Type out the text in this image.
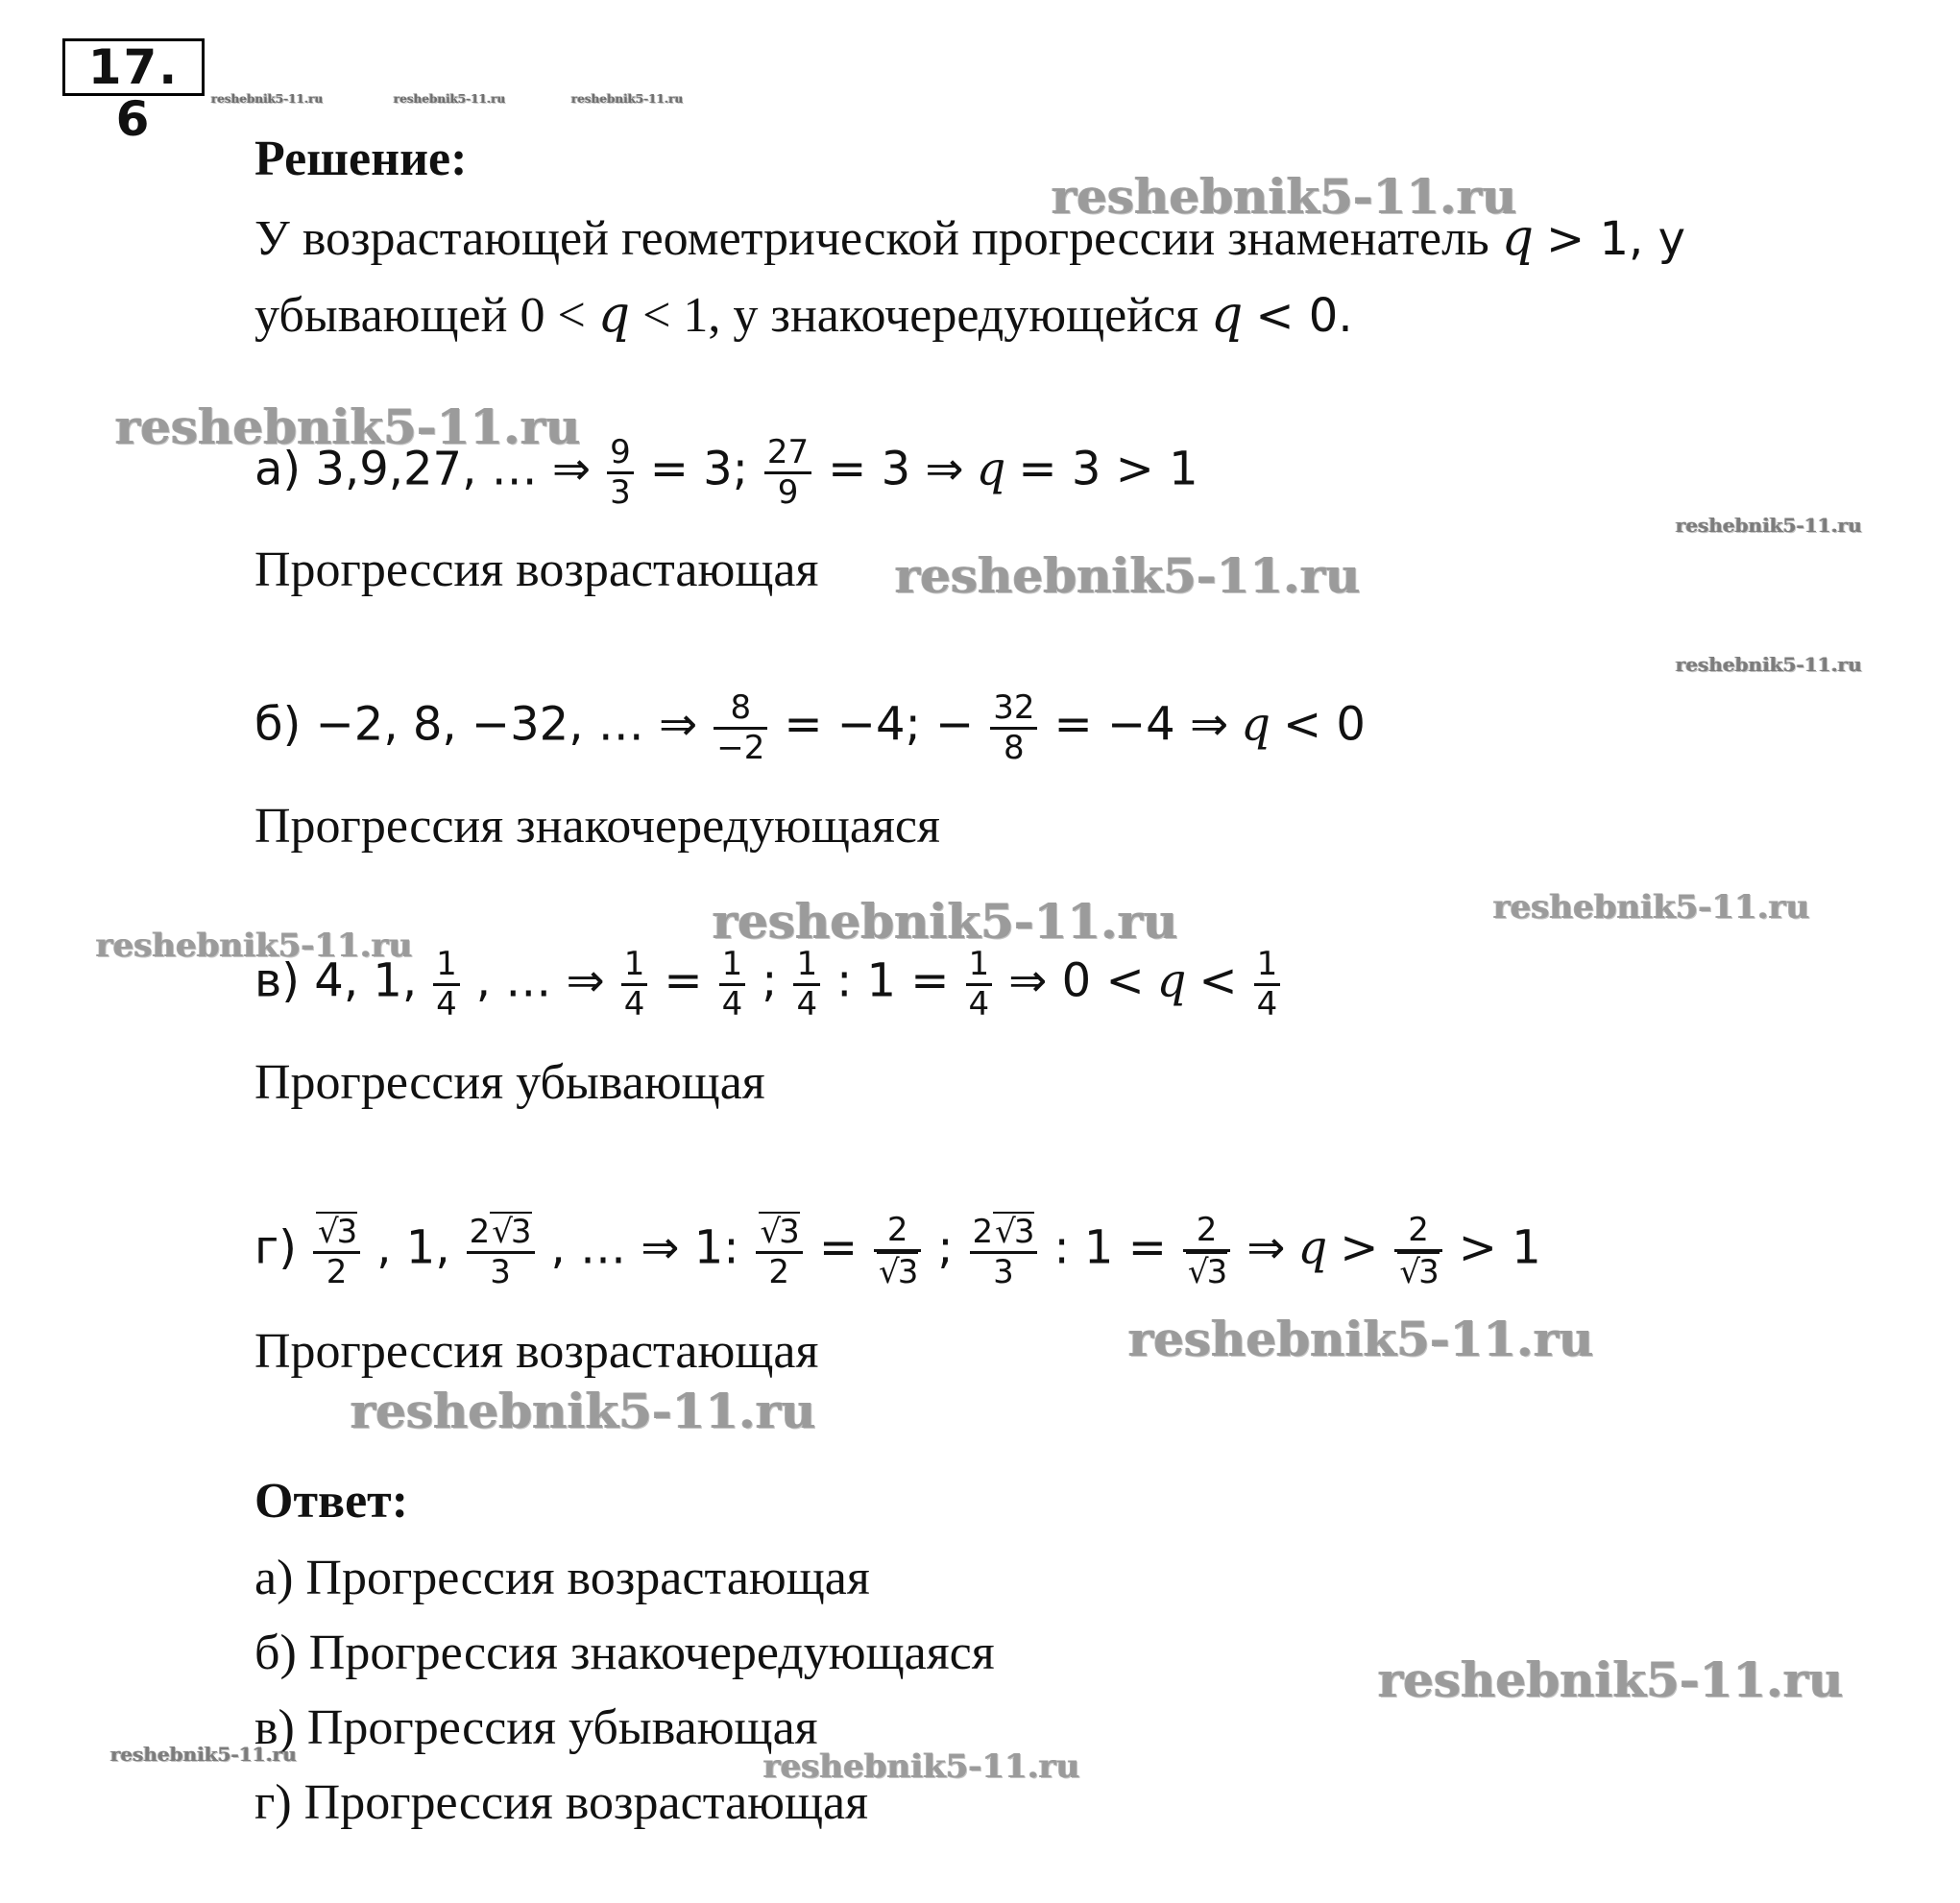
17. 6	reshebnik5-11.ru	reshebnik5-11.ru	reshebnik5-11.ru
Решение:
У возрастающей геометрической прогрессии знаменатель q > 1, у
убывающей 0 < q < 1, у знакочередующейся q < 0.
reshebnik5-11.ru
reshebnik5-11.ru
а) 3,9,27, … ⇒ $\frac{9}{3} = 3$; $\frac{27}{9} = 3$ ⇒ q = 3 > 1
reshebnik5-11.ru
Прогрессия возрастающая reshebnik5-11.ru
reshebnik5-11.ru
б) −2, 8, −32, … ⇒ $\frac{8}{-2} = -4$; − $\frac{32}{8} = -4$ ⇒ q < 0
Прогрессия знакочередующаяся
reshebnik5-11.ru	reshebnik5-11.ru
reshebnik5-11.ru
в) 4, 1, $\frac{1}{4}$ , … ⇒ $\frac{1}{4} = \frac{1}{4}$ ; $\frac{1}{4}$ : $1 = \frac{1}{4}$ ⇒ $0 < q < \frac{1}{4}$
Прогрессия убывающая
г) √ $\frac{3}{2}$ , 1, $\frac{2 √ 3}{3}$ , … ⇒ 1: √ $\frac{3}{2} = 2$
√ 3 ; $\frac{2 √ 3}{3}$ : 1 = 2
√ 3 ⇒ q > 2
√ 3 > 1
Прогрессия возрастающая	reshebnik5-11.ru
reshebnik5-11.ru
Ответ:
а) Прогрессия возрастающая
б) Прогрессия знакочередующаяся
в) Прогрессия убывающая
г) Прогрессия возрастающая
reshebnik5-11.ru
reshebnik5-11.ru	reshebnik5-11.ru
